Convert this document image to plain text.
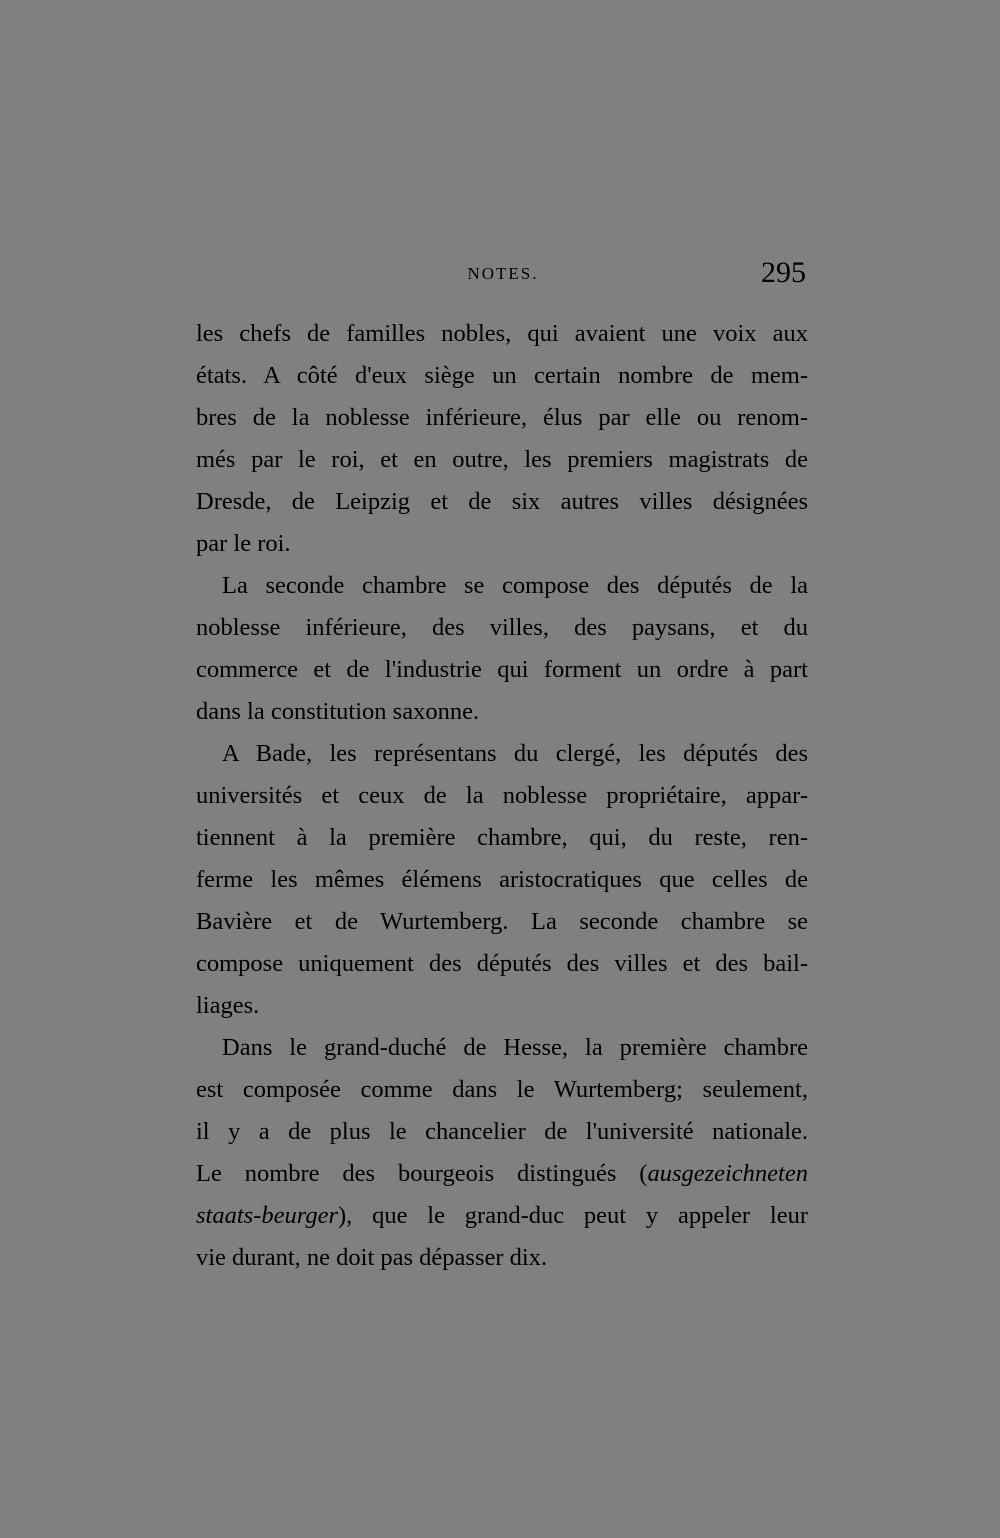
NOTES.	295
les chefs de familles nobles, qui avaient une voix aux
états. A côté d'eux siège un certain nombre de mem-
bres de la noblesse inférieure, élus par elle ou renom-
més par le roi, et en outre, les premiers magistrats de
Dresde, de Leipzig et de six autres villes désignées
par le roi.
La seconde chambre se compose des députés de la
noblesse inférieure, des villes, des paysans, et du
commerce et de l'industrie qui forment un ordre à part
dans la constitution saxonne.
A Bade, les représentans du clergé, les députés des
universités et ceux de la noblesse propriétaire, appar-
tiennent à la première chambre, qui, du reste, ren-
ferme les mêmes élémens aristocratiques que celles de
Bavière et de Wurtemberg. La seconde chambre se
compose uniquement des députés des villes et des bail-
liages.
Dans le grand-duché de Hesse, la première chambre
est composée comme dans le Wurtemberg; seulement,
il y a de plus le chancelier de l'université nationale.
Le nombre des bourgeois distingués (ausgezeichneten
staats-beurger), que le grand-duc peut y appeler leur
vie durant, ne doit pas dépasser dix.
